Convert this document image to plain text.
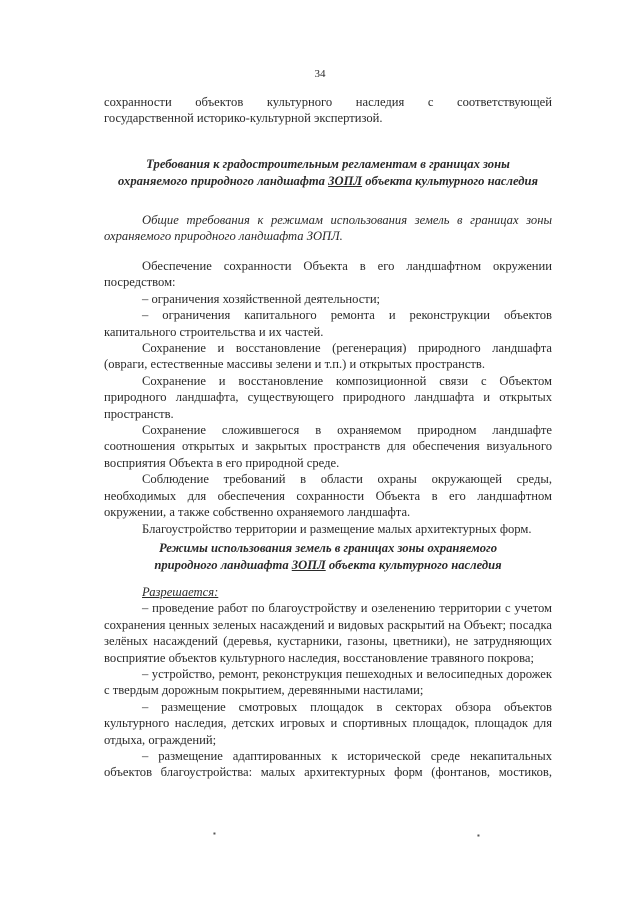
34

сохранности объектов культурного наследия с соответствующей

государственной историко-культурной экспертизой.

Требования к градостроительным регламентам в границах зоны

охраняемого природного ландшафта ЗОПЛ объекта культурного наследия

Общие требования к режимам использования земель в границах зоны

охраняемого природного ландшафта ЗОПЛ.

Обеспечение сохранности Объекта в его ландшафтном окружении посредством:

– ограничения хозяйственной деятельности;

– ограничения капитального ремонта и реконструкции объектов капитального строительства и их частей.

Сохранение и восстановление (регенерация) природного ландшафта (овраги, естественные массивы зелени и т.п.) и открытых пространств.

Сохранение и восстановление композиционной связи с Объектом природного ландшафта, существующего природного ландшафта и открытых пространств.

Сохранение сложившегося в охраняемом природном ландшафте соотношения открытых и закрытых пространств для обеспечения визуального восприятия Объекта в его природной среде.

Соблюдение требований в области охраны окружающей среды, необходимых для обеспечения сохранности Объекта в его ландшафтном окружении, а также собственно охраняемого ландшафта.

Благоустройство территории и размещение малых архитектурных форм.

Режимы использования земель в границах зоны охраняемого

природного ландшафта ЗОПЛ объекта культурного наследия

Разрешается:

– проведение работ по благоустройству и озеленению территории с учетом сохранения ценных зеленых насаждений и видовых раскрытий на Объект; посадка зелёных насаждений (деревья, кустарники, газоны, цветники), не затрудняющих восприятие объектов культурного наследия, восстановление травяного покрова;

– устройство, ремонт, реконструкция пешеходных и велосипедных дорожек с твердым дорожным покрытием, деревянными настилами;

– размещение смотровых площадок в секторах обзора объектов культурного наследия, детских игровых и спортивных площадок, площадок для отдыха, ограждений;

– размещение адаптированных к исторической среде некапитальных объектов благоустройства: малых архитектурных форм (фонтанов, мостиков,

▪	▪
